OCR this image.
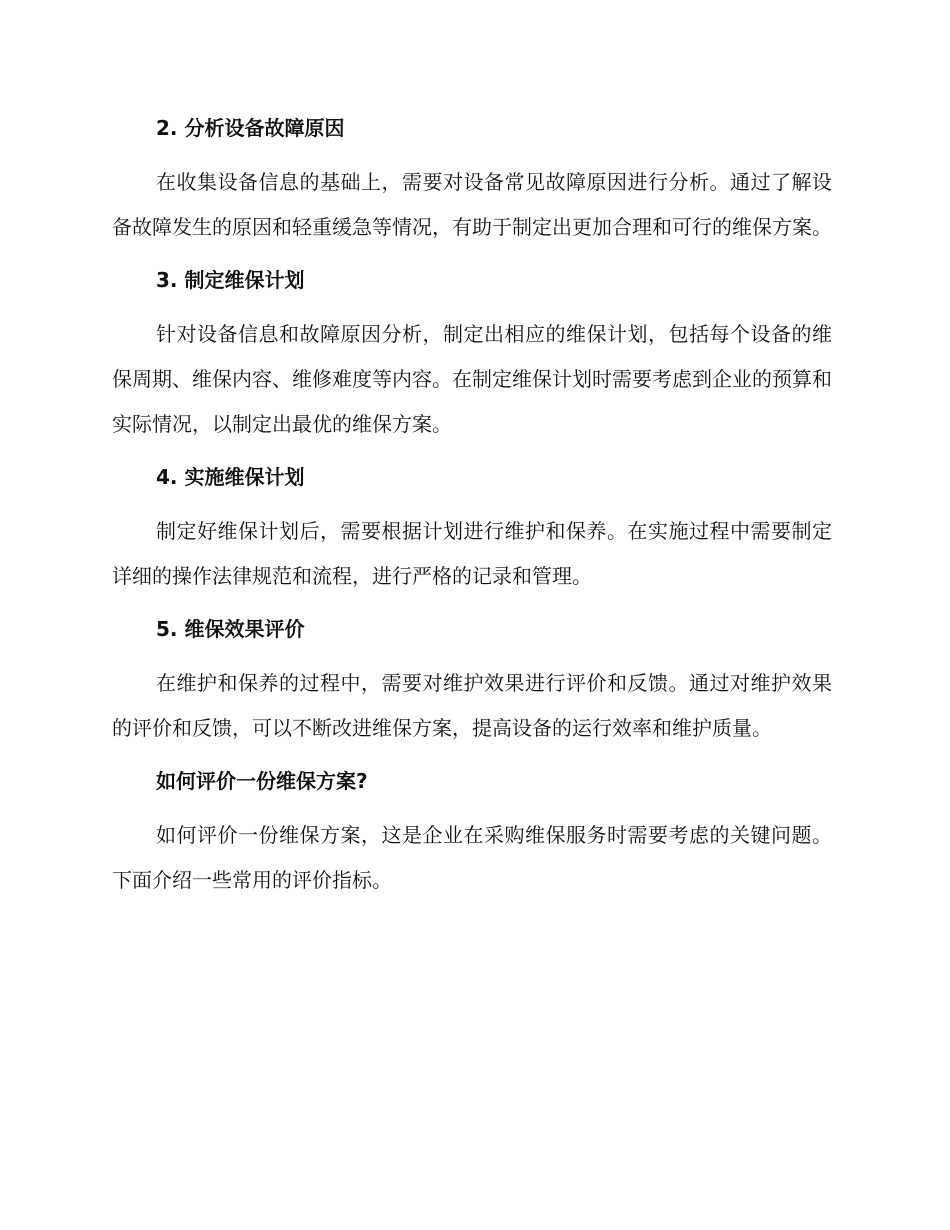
2. 分析设备故障原因

在收集设备信息的基础上，需要对设备常见故障原因进行分析。通过了解设备故障发生的原因和轻重缓急等情况，有助于制定出更加合理和可行的维保方案。

3. 制定维保计划

针对设备信息和故障原因分析，制定出相应的维保计划，包括每个设备的维保周期、维保内容、维修难度等内容。在制定维保计划时需要考虑到企业的预算和实际情况，以制定出最优的维保方案。

4. 实施维保计划

制定好维保计划后，需要根据计划进行维护和保养。在实施过程中需要制定详细的操作法律规范和流程，进行严格的记录和管理。

5. 维保效果评价

在维护和保养的过程中，需要对维护效果进行评价和反馈。通过对维护效果的评价和反馈，可以不断改进维保方案，提高设备的运行效率和维护质量。

如何评价一份维保方案?

如何评价一份维保方案，这是企业在采购维保服务时需要考虑的关键问题。下面介绍一些常用的评价指标。
